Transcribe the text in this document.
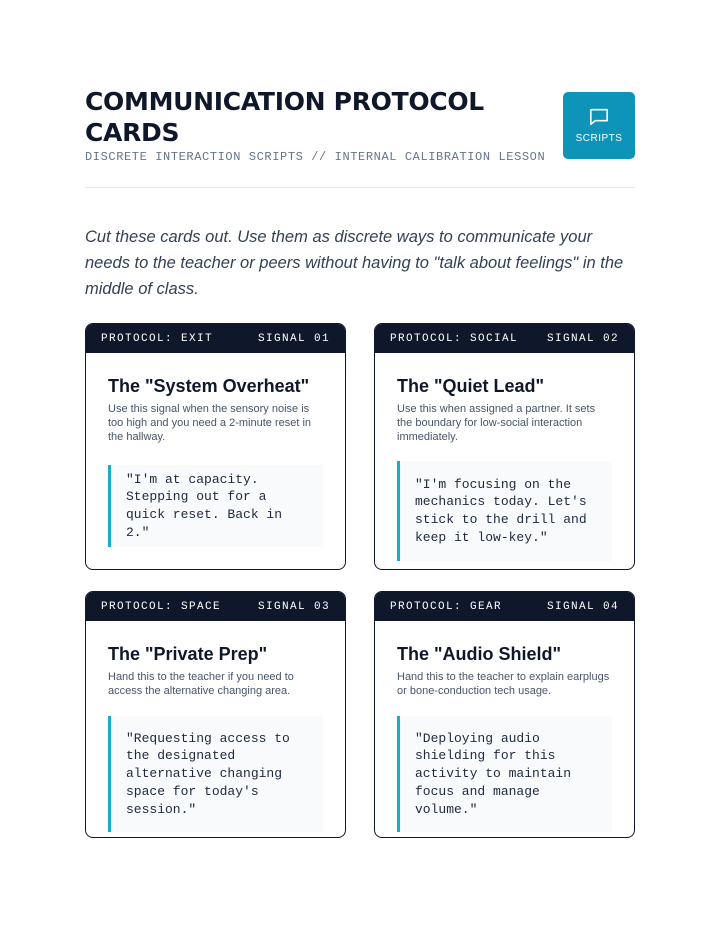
COMMUNICATION PROTOCOL CARDS
DISCRETE INTERACTION SCRIPTS // INTERNAL CALIBRATION LESSON
SCRIPTS

Cut these cards out. Use them as discrete ways to communicate your needs to the teacher or peers without having to "talk about feelings" in the middle of class.

PROTOCOL: EXIT	SIGNAL 01
The "System Overheat"
Use this signal when the sensory noise is too high and you need a 2-minute reset in the hallway.
"I'm at capacity. Stepping out for a quick reset. Back in 2."
PROTOCOL: SOCIAL	SIGNAL 02
The "Quiet Lead"
Use this when assigned a partner. It sets the boundary for low-social interaction immediately.
"I'm focusing on the mechanics today. Let's stick to the drill and keep it low-key."
PROTOCOL: SPACE	SIGNAL 03
The "Private Prep"
Hand this to the teacher if you need to access the alternative changing area.
"Requesting access to the designated alternative changing space for today's session."
PROTOCOL: GEAR	SIGNAL 04
The "Audio Shield"
Hand this to the teacher to explain earplugs or bone-conduction tech usage.
"Deploying audio shielding for this activity to maintain focus and manage volume."
